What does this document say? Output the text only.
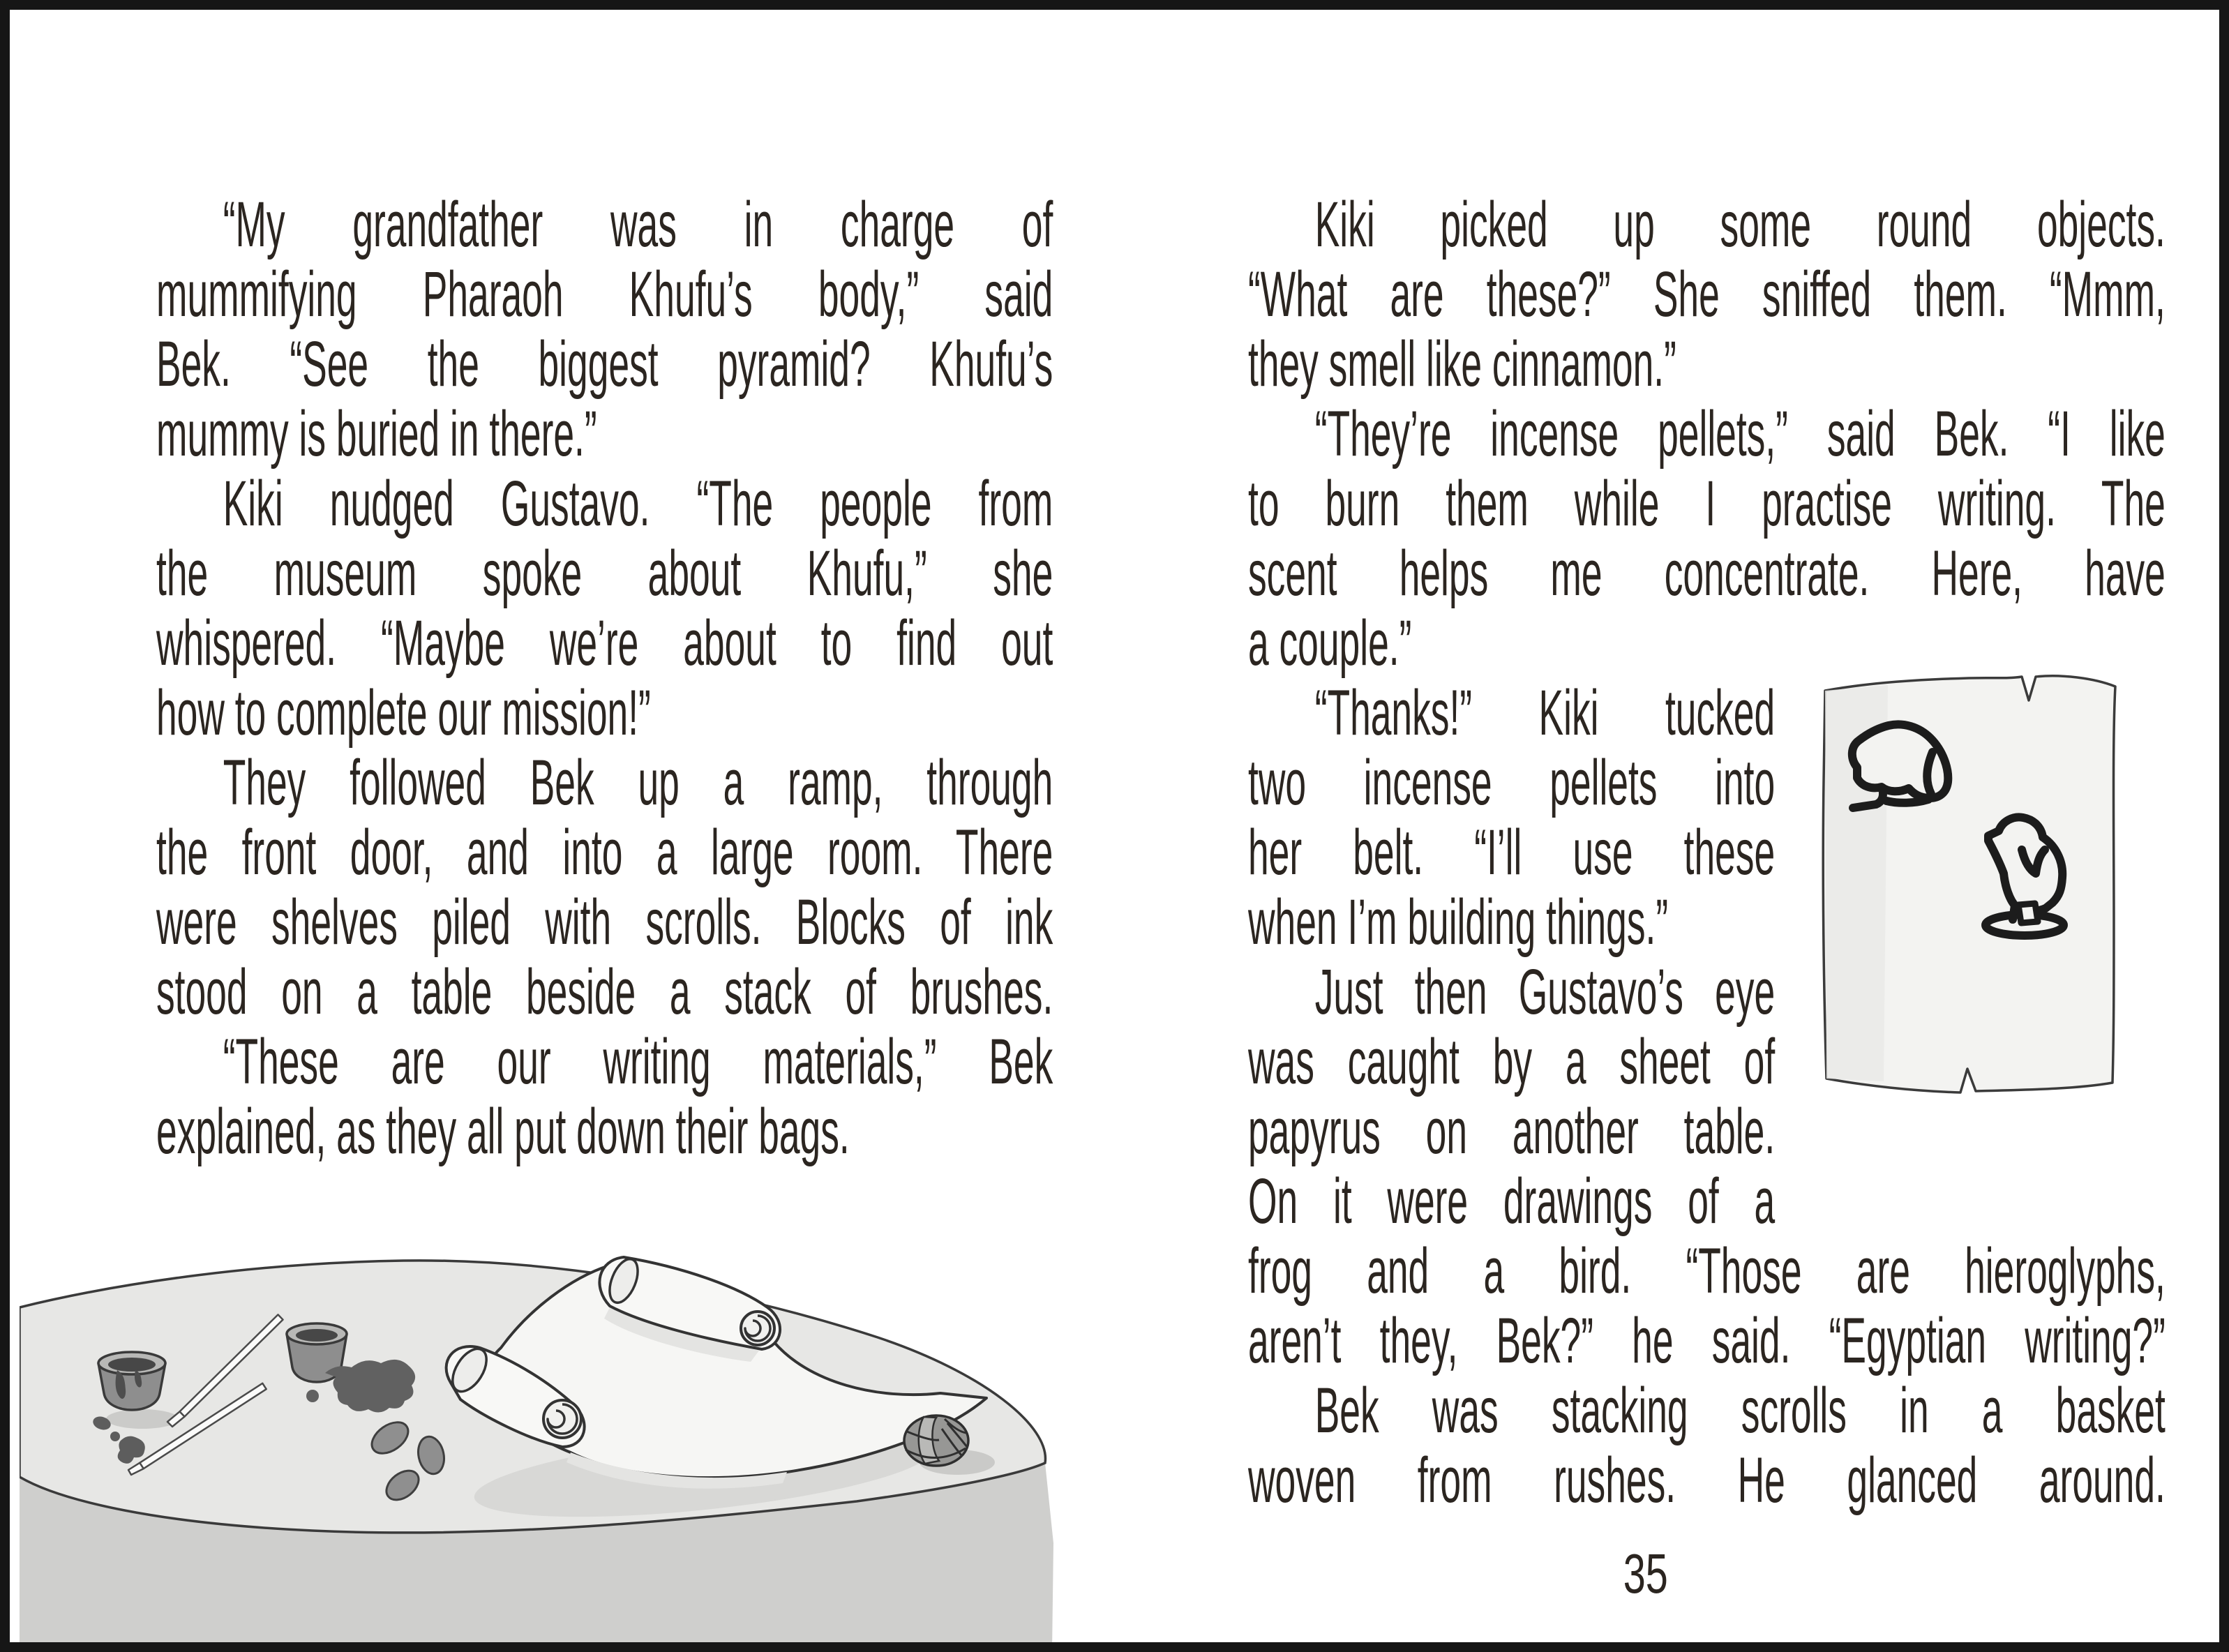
“My grandfather was in charge of
mummifying Pharaoh Khufu’s body,” said
Bek. “See the biggest pyramid? Khufu’s
mummy is buried in there.”
Kiki nudged Gustavo. “The people from
the museum spoke about Khufu,” she
whispered. “Maybe we’re about to find out
how to complete our mission!”
They followed Bek up a ramp, through
the front door, and into a large room. There
were shelves piled with scrolls. Blocks of ink
stood on a table beside a stack of brushes.
“These are our writing materials,” Bek
explained, as they all put down their bags.
Kiki picked up some round objects.
“What are these?” She sniffed them. “Mmm,
they smell like cinnamon.”
“They’re incense pellets,” said Bek. “I like
to burn them while I practise writing. The
scent helps me concentrate. Here, have
a couple.”
“Thanks!” Kiki tucked
two incense pellets into
her belt. “I’ll use these
when I’m building things.”
Just then Gustavo’s eye
was caught by a sheet of
papyrus on another table.
On it were drawings of a
frog and a bird. “Those are hieroglyphs,
aren’t they, Bek?” he said. “Egyptian writing?”
Bek was stacking scrolls in a basket
woven from rushes. He glanced around.
35
